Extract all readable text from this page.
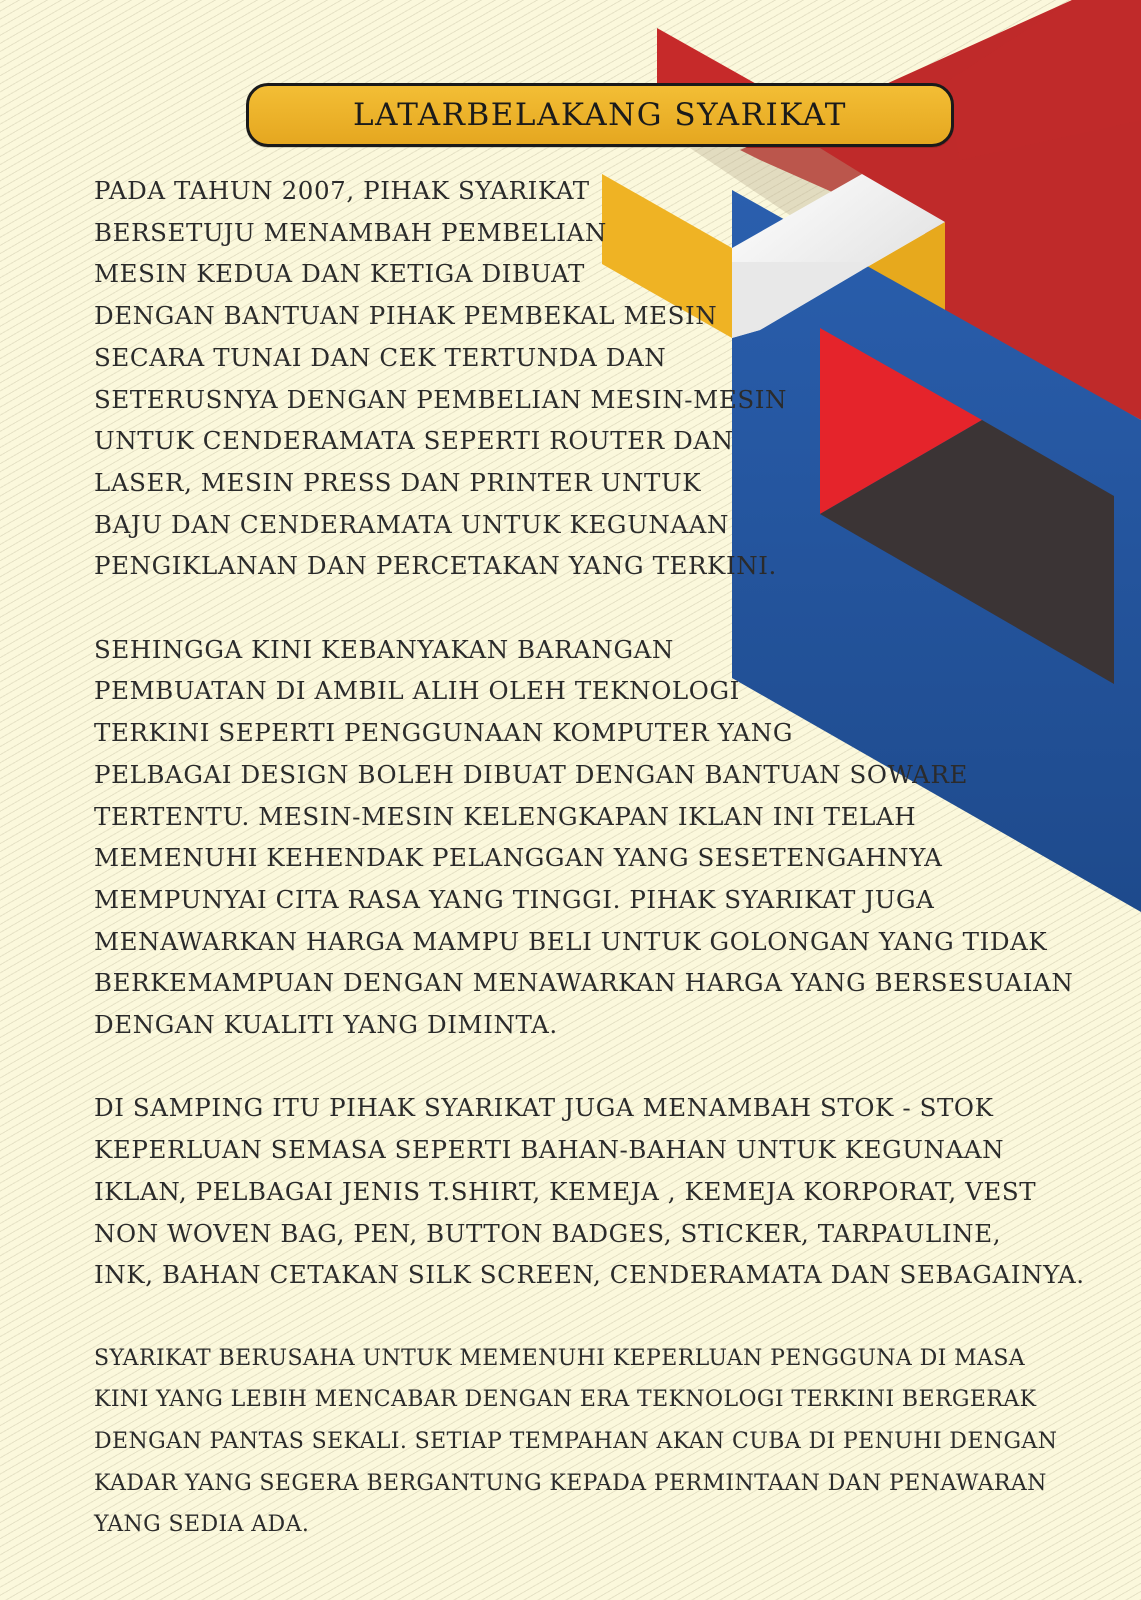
LATARBELAKANG SYARIKAT
PADA TAHUN 2007, PIHAK SYARIKAT
BERSETUJU MENAMBAH PEMBELIAN
MESIN KEDUA DAN KETIGA DIBUAT
DENGAN BANTUAN PIHAK PEMBEKAL MESIN
SECARA TUNAI DAN CEK TERTUNDA DAN
SETERUSNYA DENGAN PEMBELIAN MESIN-MESIN
UNTUK CENDERAMATA SEPERTI ROUTER DAN
LASER, MESIN PRESS DAN PRINTER UNTUK
BAJU DAN CENDERAMATA UNTUK KEGUNAAN
PENGIKLANAN DAN PERCETAKAN YANG TERKINI.
SEHINGGA KINI KEBANYAKAN BARANGAN
PEMBUATAN DI AMBIL ALIH OLEH TEKNOLOGI
TERKINI SEPERTI PENGGUNAAN KOMPUTER YANG
PELBAGAI DESIGN BOLEH DIBUAT DENGAN BANTUAN SOWARE
TERTENTU. MESIN-MESIN KELENGKAPAN IKLAN INI TELAH
MEMENUHI KEHENDAK PELANGGAN YANG SESETENGAHNYA
MEMPUNYAI CITA RASA YANG TINGGI. PIHAK SYARIKAT JUGA
MENAWARKAN HARGA MAMPU BELI UNTUK GOLONGAN YANG TIDAK
BERKEMAMPUAN DENGAN MENAWARKAN HARGA YANG BERSESUAIAN
DENGAN KUALITI YANG DIMINTA.
DI SAMPING ITU PIHAK SYARIKAT JUGA MENAMBAH STOK - STOK
KEPERLUAN SEMASA SEPERTI BAHAN-BAHAN UNTUK KEGUNAAN
IKLAN, PELBAGAI JENIS T.SHIRT, KEMEJA , KEMEJA KORPORAT, VEST
NON WOVEN BAG, PEN, BUTTON BADGES, STICKER, TARPAULINE,
INK, BAHAN CETAKAN SILK SCREEN, CENDERAMATA DAN SEBAGAINYA.
SYARIKAT BERUSAHA UNTUK MEMENUHI KEPERLUAN PENGGUNA DI MASA
KINI YANG LEBIH MENCABAR DENGAN ERA TEKNOLOGI TERKINI BERGERAK
DENGAN PANTAS SEKALI. SETIAP TEMPAHAN AKAN CUBA DI PENUHI DENGAN
KADAR YANG SEGERA BERGANTUNG KEPADA PERMINTAAN DAN PENAWARAN
YANG SEDIA ADA.
